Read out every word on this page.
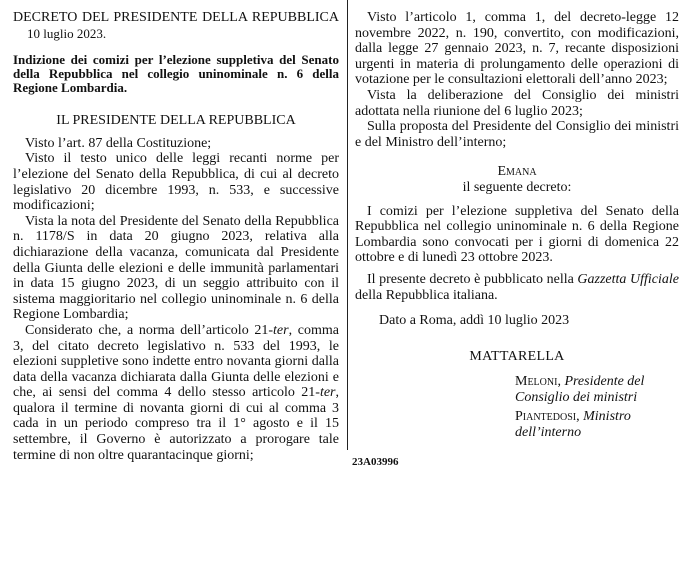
DECRETO DEL PRESIDENTE DELLA REPUBBLICA

10 luglio 2023.

Indizione dei comizi per l’elezione suppletiva del Senato della Repubblica nel collegio uninominale n. 6 della Regione Lombardia.

IL PRESIDENTE DELLA REPUBBLICA

Visto l’art. 87 della Costituzione;

Visto il testo unico delle leggi recanti norme per l’elezione del Senato della Repubblica, di cui al decreto legislativo 20 dicembre 1993, n. 533, e successive modificazioni;

Vista la nota del Presidente del Senato della Repubblica n. 1178/S in data 20 giugno 2023, relativa alla dichiarazione della vacanza, comunicata dal Presidente della Giunta delle elezioni e delle immunità parlamentari in data 15 giugno 2023, di un seggio attribuito con il sistema maggioritario nel collegio uninominale n. 6 della Regione Lombardia;

Considerato che, a norma dell’articolo 21-ter, comma 3, del citato decreto legislativo n. 533 del 1993, le elezioni suppletive sono indette entro novanta giorni dalla data della vacanza dichiarata dalla Giunta delle elezioni e che, ai sensi del comma 4 dello stesso articolo 21-ter, qualora il termine di novanta giorni di cui al comma 3 cada in un periodo compreso tra il 1° agosto e il 15 settembre, il Governo è autorizzato a prorogare tale termine di non oltre quarantacinque giorni;

Visto l’articolo 1, comma 1, del decreto-legge 12 novembre 2022, n. 190, convertito, con modificazioni, dalla legge 27 gennaio 2023, n. 7, recante disposizioni urgenti in materia di prolungamento delle operazioni di votazione per le consultazioni elettorali dell’anno 2023;

Vista la deliberazione del Consiglio dei ministri adottata nella riunione del 6 luglio 2023;

Sulla proposta del Presidente del Consiglio dei ministri e del Ministro dell’interno;

Emana

il seguente decreto:

I comizi per l’elezione suppletiva del Senato della Repubblica nel collegio uninominale n. 6 della Regione Lombardia sono convocati per i giorni di domenica 22 ottobre e di lunedì 23 ottobre 2023.

Il presente decreto è pubblicato nella Gazzetta Ufficiale della Repubblica italiana.

Dato a Roma, addì 10 luglio 2023

MATTARELLA

Meloni, Presidente del Consiglio dei ministri

Piantedosi, Ministro dell’interno

23A03996
